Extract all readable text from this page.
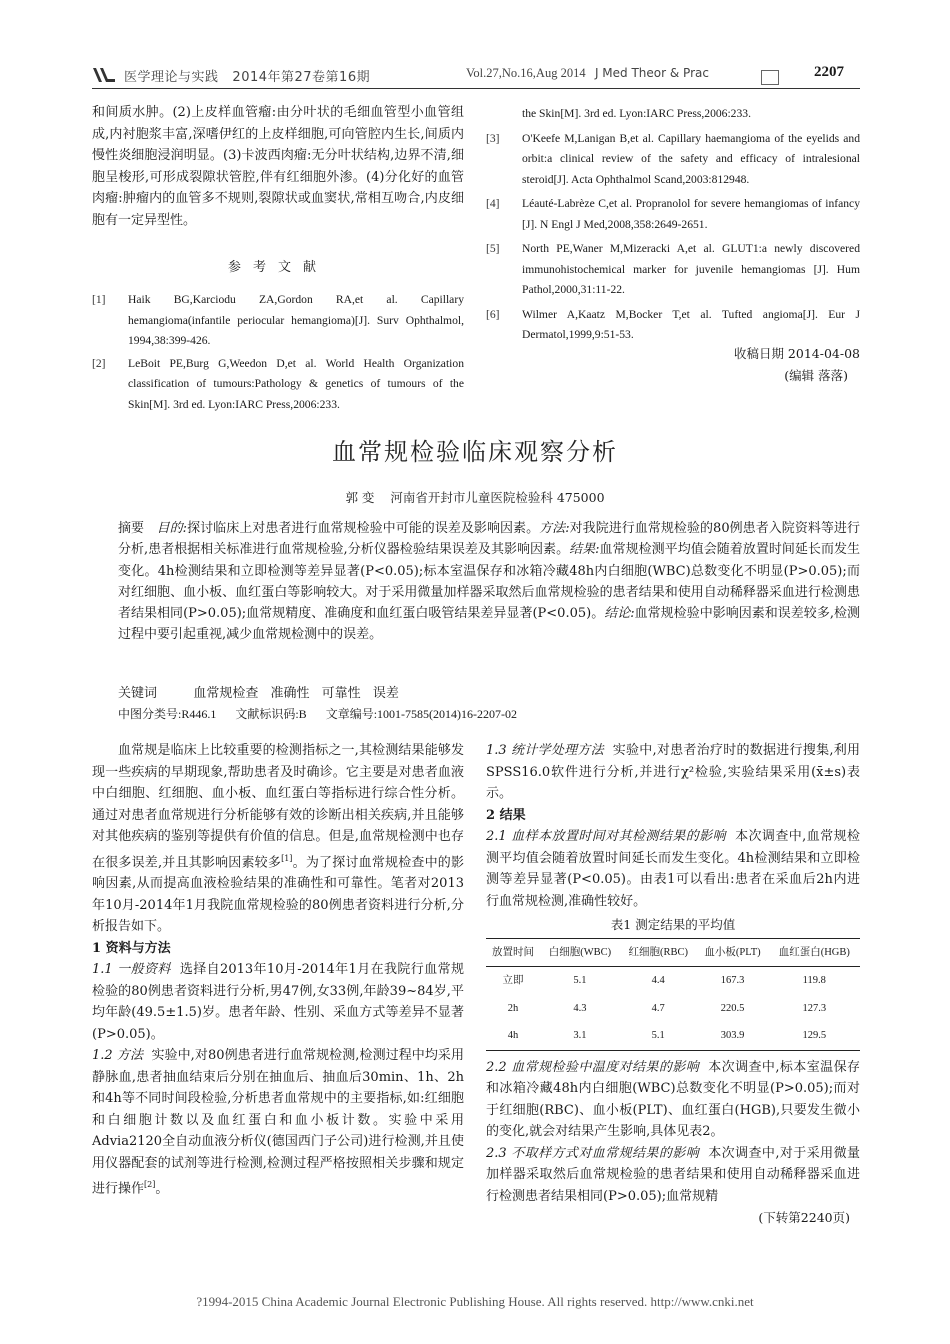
医学理论与实践 2014年第27卷第16期	Vol.27,No.16,Aug 2014 J Med Theor & Prac	2207

和间质水肿。(2)上皮样血管瘤:由分叶状的毛细血管型小血管组成,内衬胞浆丰富,深嗜伊红的上皮样细胞,可向管腔内生长,间质内慢性炎细胞浸润明显。(3)卡波西肉瘤:无分叶状结构,边界不清,细胞呈梭形,可形成裂隙状管腔,伴有红细胞外渗。(4)分化好的血管肉瘤:肿瘤内的血管多不规则,裂隙状或血窦状,常相互吻合,内皮细胞有一定异型性。

参考文献
[1]	Haik BG,Karciodu ZA,Gordon RA,et al. Capillary hemangioma(infantile periocular hemangioma)[J]. Surv Ophthalmol, 1994,38:399-426.
[2]	LeBoit PE,Burg G,Weedon D,et al. World Health Organization classification of tumours:Pathology & genetics of tumours of the Skin[M]. 3rd ed. Lyon:IARC Press,2006:233.
the Skin[M]. 3rd ed. Lyon:IARC Press,2006:233.
[3]	O'Keefe M,Lanigan B,et al. Capillary haemangioma of the eyelids and orbit:a clinical review of the safety and efficacy of intralesional steroid[J]. Acta Ophthalmol Scand,2003:812948.
[4]	Léauté-Labrèze C,et al. Propranolol for severe hemangiomas of infancy [J]. N Engl J Med,2008,358:2649-2651.
[5]	North PE,Waner M,Mizeracki A,et al. GLUT1:a newly discovered immunohistochemical marker for juvenile hemangiomas [J]. Hum Pathol,2000,31:11-22.
[6]	Wilmer A,Kaatz M,Bocker T,et al. Tufted angioma[J]. Eur J Dermatol,1999,9:51-53.
收稿日期 2014-04-08
(编辑 落落)
血常规检验临床观察分析
郭 变 河南省开封市儿童医院检验科 475000

摘要 目的:探讨临床上对患者进行血常规检验中可能的误差及影响因素。方法:对我院进行血常规检验的80例患者入院资料等进行分析,患者根据相关标准进行血常规检验,分析仪器检验结果误差及其影响因素。结果:血常规检测平均值会随着放置时间延长而发生变化。4h检测结果和立即检测等差异显著(P<0.05);标本室温保存和冰箱冷藏48h内白细胞(WBC)总数变化不明显(P>0.05);而对红细胞、血小板、血红蛋白等影响较大。对于采用微量加样器采取然后血常规检验的患者结果和使用自动稀释器采血进行检测患者结果相同(P>0.05);血常规精度、准确度和血红蛋白吸管结果差异显著(P<0.05)。结论:血常规检验中影响因素和误差较多,检测过程中要引起重视,减少血常规检测中的误差。

关键词	血常规检查 准确性 可靠性 误差
中图分类号:R446.1 文献标识码:B 文章编号:1001-7585(2014)16-2207-02

血常规是临床上比较重要的检测指标之一,其检测结果能够发现一些疾病的早期现象,帮助患者及时确诊。它主要是对患者血液中白细胞、红细胞、血小板、血红蛋白等指标进行综合性分析。通过对患者血常规进行分析能够有效的诊断出相关疾病,并且能够对其他疾病的鉴别等提供有价值的信息。但是,血常规检测中也存在很多误差,并且其影响因素较多[1]。为了探讨血常规检查中的影响因素,从而提高血液检验结果的准确性和可靠性。笔者对2013年10月-2014年1月我院血常规检验的80例患者资料进行分析,分析报告如下。

1 资料与方法

1.1 一般资料 选择自2013年10月-2014年1月在我院行血常规检验的80例患者资料进行分析,男47例,女33例,年龄39~84岁,平均年龄(49.5±1.5)岁。患者年龄、性别、采血方式等差异不显著(P>0.05)。

1.2 方法 实验中,对80例患者进行血常规检测,检测过程中均采用静脉血,患者抽血结束后分别在抽血后、抽血后30min、1h、2h和4h等不同时间段检验,分析患者血常规中的主要指标,如:红细胞和白细胞计数以及血红蛋白和血小板计数。实验中采用Advia2120全自动血液分析仪(德国西门子公司)进行检测,并且使用仪器配套的试剂等进行检测,检测过程严格按照相关步骤和规定进行操作[2]。

1.3 统计学处理方法 实验中,对患者治疗时的数据进行搜集,利用SPSS16.0软件进行分析,并进行χ²检验,实验结果采用(x̄±s)表示。

2 结果

2.1 血样本放置时间对其检测结果的影响 本次调查中,血常规检测平均值会随着放置时间延长而发生变化。4h检测结果和立即检测等差异显著(P<0.05)。由表1可以看出:患者在采血后2h内进行血常规检测,准确性较好。

表1 测定结果的平均值
放置时间	白细胞(WBC)	红细胞(RBC)	血小板(PLT)	血红蛋白(HGB)
立即	5.1	4.4	167.3	119.8
2h	4.3	4.7	220.5	127.3
4h	3.1	5.1	303.9	129.5

2.2 血常规检验中温度对结果的影响 本次调查中,标本室温保存和冰箱冷藏48h内白细胞(WBC)总数变化不明显(P>0.05);而对于红细胞(RBC)、血小板(PLT)、血红蛋白(HGB),只要发生微小的变化,就会对结果产生影响,具体见表2。

2.3 不取样方式对血常规结果的影响 本次调查中,对于采用微量加样器采取然后血常规检验的患者结果和使用自动稀释器采血进行检测患者结果相同(P>0.05);血常规精

(下转第2240页)
?1994-2015 China Academic Journal Electronic Publishing House. All rights reserved. http://www.cnki.net
